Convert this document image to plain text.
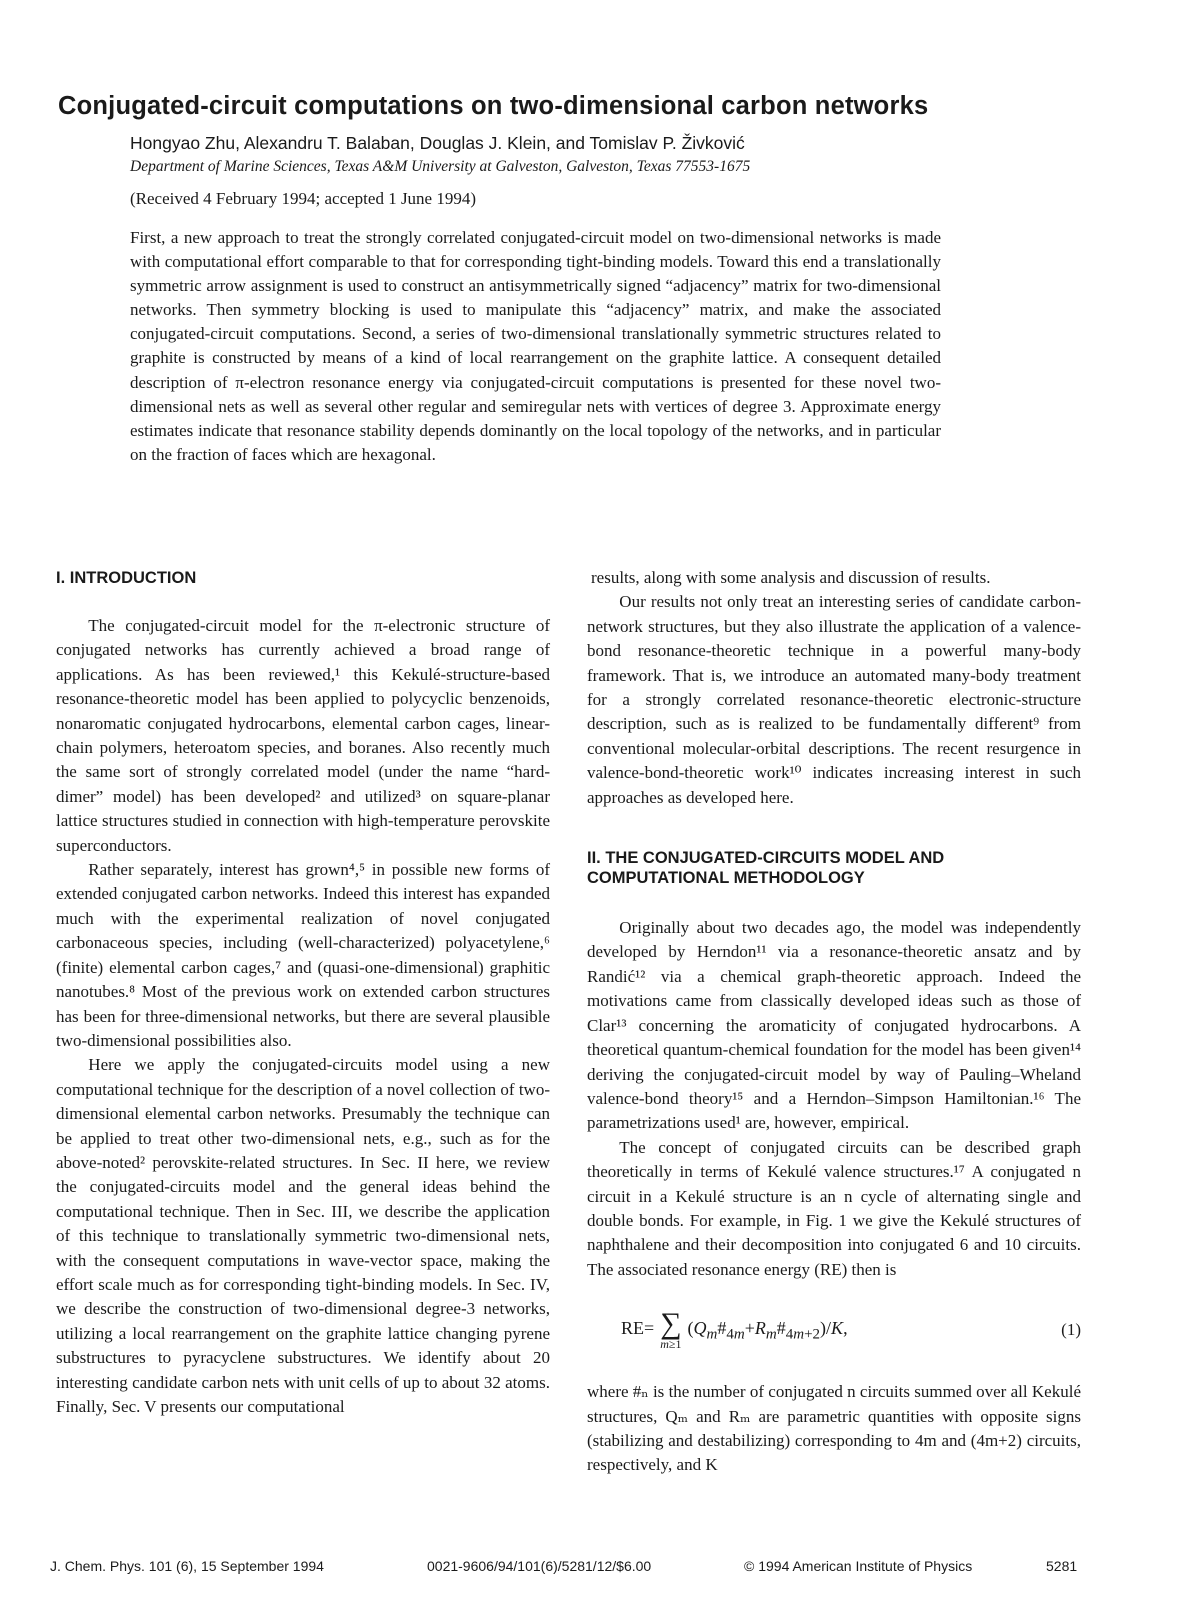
Conjugated-circuit computations on two-dimensional carbon networks
Hongyao Zhu, Alexandru T. Balaban, Douglas J. Klein, and Tomislav P. Živković
Department of Marine Sciences, Texas A&M University at Galveston, Galveston, Texas 77553-1675
(Received 4 February 1994; accepted 1 June 1994)

First, a new approach to treat the strongly correlated conjugated-circuit model on two-dimensional networks is made with computational effort comparable to that for corresponding tight-binding models. Toward this end a translationally symmetric arrow assignment is used to construct an antisymmetrically signed “adjacency” matrix for two-dimensional networks. Then symmetry blocking is used to manipulate this “adjacency” matrix, and make the associated conjugated-circuit computations. Second, a series of two-dimensional translationally symmetric structures related to graphite is constructed by means of a kind of local rearrangement on the graphite lattice. A consequent detailed description of π-electron resonance energy via conjugated-circuit computations is presented for these novel two-dimensional nets as well as several other regular and semiregular nets with vertices of degree 3. Approximate energy estimates indicate that resonance stability depends dominantly on the local topology of the networks, and in particular on the fraction of faces which are hexagonal.

I. INTRODUCTION

The conjugated-circuit model for the π-electronic structure of conjugated networks has currently achieved a broad range of applications. As has been reviewed,¹ this Kekulé-structure-based resonance-theoretic model has been applied to polycyclic benzenoids, nonaromatic conjugated hydrocarbons, elemental carbon cages, linear-chain polymers, heteroatom species, and boranes. Also recently much the same sort of strongly correlated model (under the name “hard-dimer” model) has been developed² and utilized³ on square-planar lattice structures studied in connection with high-temperature perovskite superconductors.

Rather separately, interest has grown⁴,⁵ in possible new forms of extended conjugated carbon networks. Indeed this interest has expanded much with the experimental realization of novel conjugated carbonaceous species, including (well-characterized) polyacetylene,⁶ (finite) elemental carbon cages,⁷ and (quasi-one-dimensional) graphitic nanotubes.⁸ Most of the previous work on extended carbon structures has been for three-dimensional networks, but there are several plausible two-dimensional possibilities also.

Here we apply the conjugated-circuits model using a new computational technique for the description of a novel collection of two-dimensional elemental carbon networks. Presumably the technique can be applied to treat other two-dimensional nets, e.g., such as for the above-noted² perovskite-related structures. In Sec. II here, we review the conjugated-circuits model and the general ideas behind the computational technique. Then in Sec. III, we describe the application of this technique to translationally symmetric two-dimensional nets, with the consequent computations in wave-vector space, making the effort scale much as for corresponding tight-binding models. In Sec. IV, we describe the construction of two-dimensional degree-3 networks, utilizing a local rearrangement on the graphite lattice changing pyrene substructures to pyracyclene substructures. We identify about 20 interesting candidate carbon nets with unit cells of up to about 32 atoms. Finally, Sec. V presents our computational

results, along with some analysis and discussion of results.

Our results not only treat an interesting series of candidate carbon-network structures, but they also illustrate the application of a valence-bond resonance-theoretic technique in a powerful many-body framework. That is, we introduce an automated many-body treatment for a strongly correlated resonance-theoretic electronic-structure description, such as is realized to be fundamentally different⁹ from conventional molecular-orbital descriptions. The recent resurgence in valence-bond-theoretic work¹⁰ indicates increasing interest in such approaches as developed here.

II. THE CONJUGATED-CIRCUITS MODEL AND COMPUTATIONAL METHODOLOGY

Originally about two decades ago, the model was independently developed by Herndon¹¹ via a resonance-theoretic ansatz and by Randić¹² via a chemical graph-theoretic approach. Indeed the motivations came from classically developed ideas such as those of Clar¹³ concerning the aromaticity of conjugated hydrocarbons. A theoretical quantum-chemical foundation for the model has been given¹⁴ deriving the conjugated-circuit model by way of Pauling–Wheland valence-bond theory¹⁵ and a Herndon–Simpson Hamiltonian.¹⁶ The parametrizations used¹ are, however, empirical.

The concept of conjugated circuits can be described graph theoretically in terms of Kekulé valence structures.¹⁷ A conjugated n circuit in a Kekulé structure is an n cycle of alternating single and double bonds. For example, in Fig. 1 we give the Kekulé structures of naphthalene and their decomposition into conjugated 6 and 10 circuits. The associated resonance energy (RE) then is

RE= ∑
m≥1
$(Q_m\#_{4m}+R_m\#_{4m+2})/K$,	(1)

where #ₙ is the number of conjugated n circuits summed over all Kekulé structures, Qₘ and Rₘ are parametric quantities with opposite signs (stabilizing and destabilizing) corresponding to 4m and (4m+2) circuits, respectively, and K

J. Chem. Phys. 101 (6), 15 September 1994	0021-9606/94/101(6)/5281/12/$6.00	© 1994 American Institute of Physics	5281
